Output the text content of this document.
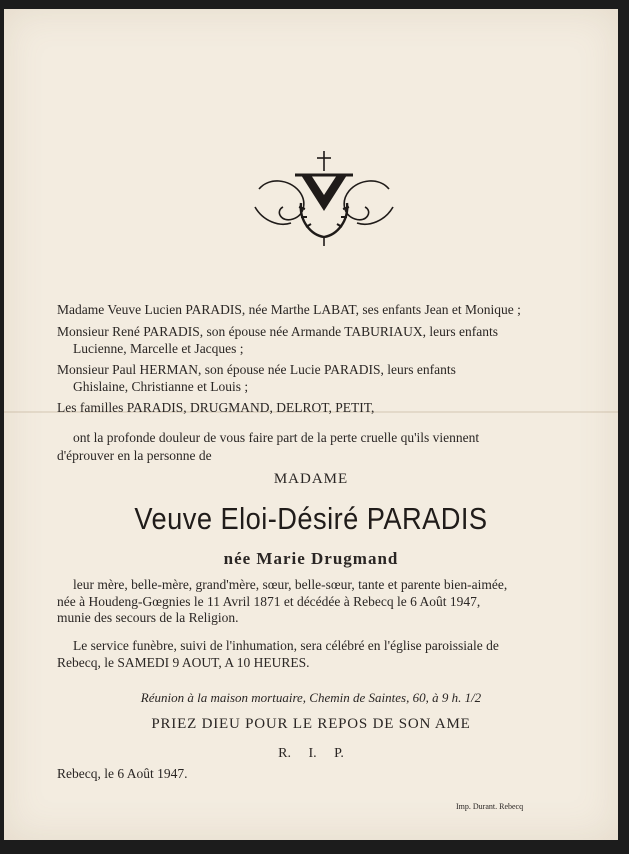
Madame Veuve Lucien PARADIS, née Marthe LABAT, ses enfants Jean et Monique ;
Monsieur René PARADIS, son épouse née Armande TABURIAUX, leurs enfants
Lucienne, Marcelle et Jacques ;
Monsieur Paul HERMAN, son épouse née Lucie PARADIS, leurs enfants
Ghislaine, Christianne et Louis ;
Les familles PARADIS, DRUGMAND, DELROT, PETIT,
ont la profonde douleur de vous faire part de la perte cruelle qu'ils viennent
d'éprouver en la personne de
MADAME
Veuve Eloi-Désiré PARADIS
née Marie Drugmand
leur mère, belle-mère, grand'mère, sœur, belle-sœur, tante et parente bien-aimée,
née à Houdeng-Gœgnies le 11 Avril 1871 et décédée à Rebecq le 6 Août 1947,
munie des secours de la Religion.
Le service funèbre, suivi de l'inhumation, sera célébré en l'église paroissiale de
Rebecq, le SAMEDI 9 AOUT, A 10 HEURES.
Réunion à la maison mortuaire, Chemin de Saintes, 60, à 9 h. 1/2
PRIEZ DIEU POUR LE REPOS DE SON AME
R. I. P.
Rebecq, le 6 Août 1947.
Imp. Durant. Rebecq
